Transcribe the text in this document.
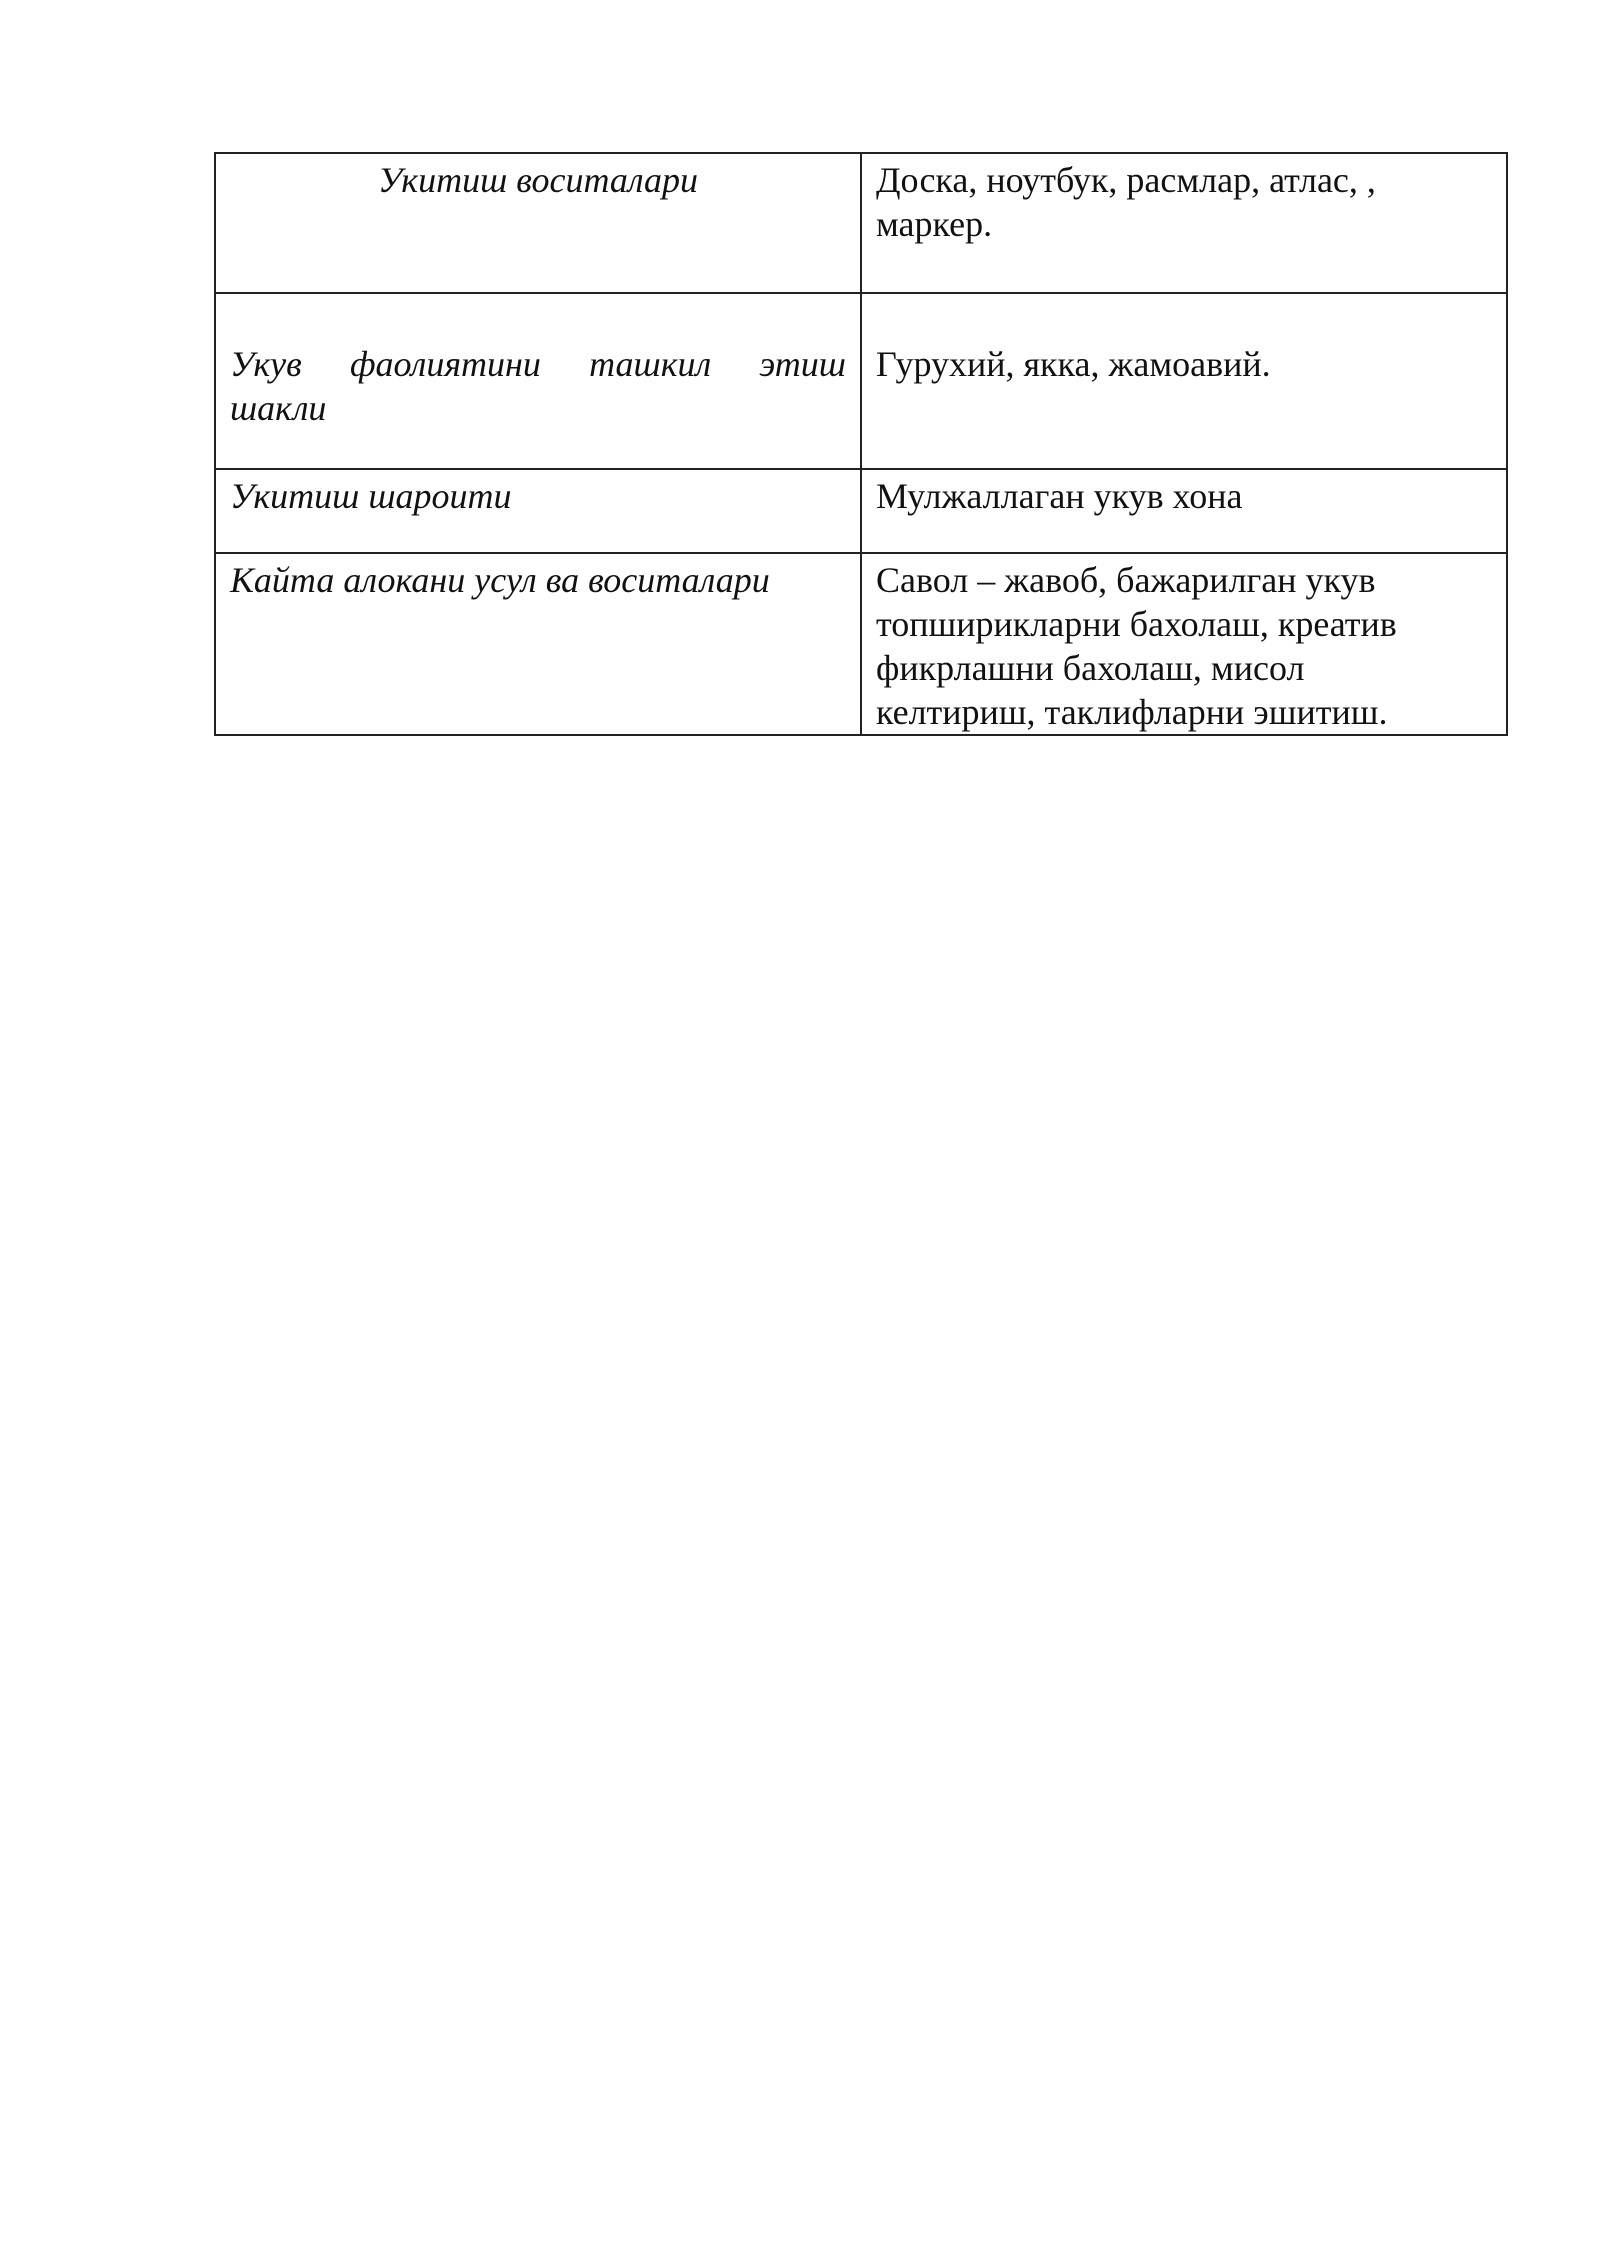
Укитиш воситалари	Доска, ноутбук, расмлар, атлас, ,
маркер.

Укув фаолиятини ташкил этиш
шакли	Гурухий, якка, жамоавий.

Укитиш шароити	Мулжаллаган укув хона
Кайта алокани усул ва воситалари	Савол – жавоб, бажарилган укув
топширикларни бахолаш, креатив
фикрлашни бахолаш, мисол
келтириш, таклифларни эшитиш.
